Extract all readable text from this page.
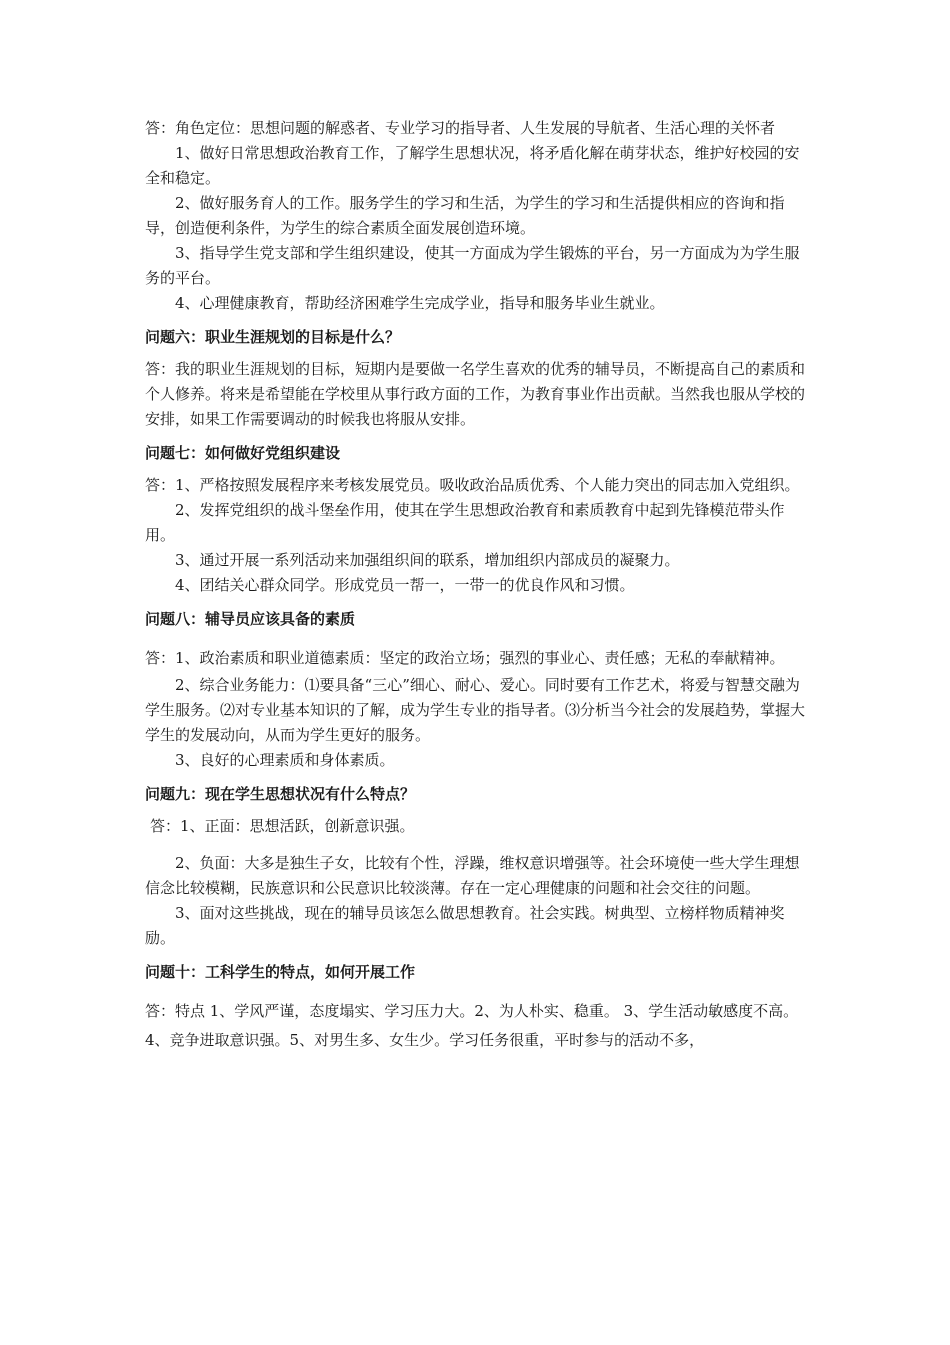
答：角色定位：思想问题的解惑者、专业学习的指导者、人生发展的导航者、生活心理的关怀者

1、做好日常思想政治教育工作，了解学生思想状况，将矛盾化解在萌芽状态，维护好校园的安全和稳定。

2、做好服务育人的工作。服务学生的学习和生活，为学生的学习和生活提供相应的咨询和指导，创造便利条件，为学生的综合素质全面发展创造环境。

3、指导学生党支部和学生组织建设，使其一方面成为学生锻炼的平台，另一方面成为为学生服务的平台。

4、心理健康教育，帮助经济困难学生完成学业，指导和服务毕业生就业。

问题六：职业生涯规划的目标是什么？

答：我的职业生涯规划的目标，短期内是要做一名学生喜欢的优秀的辅导员，不断提高自己的素质和个人修养。将来是希望能在学校里从事行政方面的工作，为教育事业作出贡献。当然我也服从学校的安排，如果工作需要调动的时候我也将服从安排。

问题七：如何做好党组织建设

答：1、严格按照发展程序来考核发展党员。吸收政治品质优秀、个人能力突出的同志加入党组织。

2、发挥党组织的战斗堡垒作用，使其在学生思想政治教育和素质教育中起到先锋模范带头作用。

3、通过开展一系列活动来加强组织间的联系，增加组织内部成员的凝聚力。

4、团结关心群众同学。形成党员一帮一，一带一的优良作风和习惯。

问题八：辅导员应该具备的素质

答：1、政治素质和职业道德素质：坚定的政治立场；强烈的事业心、责任感；无私的奉献精神。

2、综合业务能力：⑴要具备“三心”细心、耐心、爱心。同时要有工作艺术，将爱与智慧交融为学生服务。⑵对专业基本知识的了解，成为学生专业的指导者。⑶分析当今社会的发展趋势，掌握大学生的发展动向，从而为学生更好的服务。

3、良好的心理素质和身体素质。

问题九：现在学生思想状况有什么特点？

答：1、正面：思想活跃，创新意识强。

2、负面：大多是独生子女，比较有个性，浮躁，维权意识增强等。社会环境使一些大学生理想信念比较模糊，民族意识和公民意识比较淡薄。存在一定心理健康的问题和社会交往的问题。

3、面对这些挑战，现在的辅导员该怎么做思想教育。社会实践。树典型、立榜样物质精神奖励。

问题十：工科学生的特点，如何开展工作

答：特点 1、学风严谨，态度塌实、学习压力大。2、为人朴实、稳重。 3、学生活动敏感度不高。4、竞争进取意识强。5、对男生多、女生少。学习任务很重，平时参与的活动不多，
